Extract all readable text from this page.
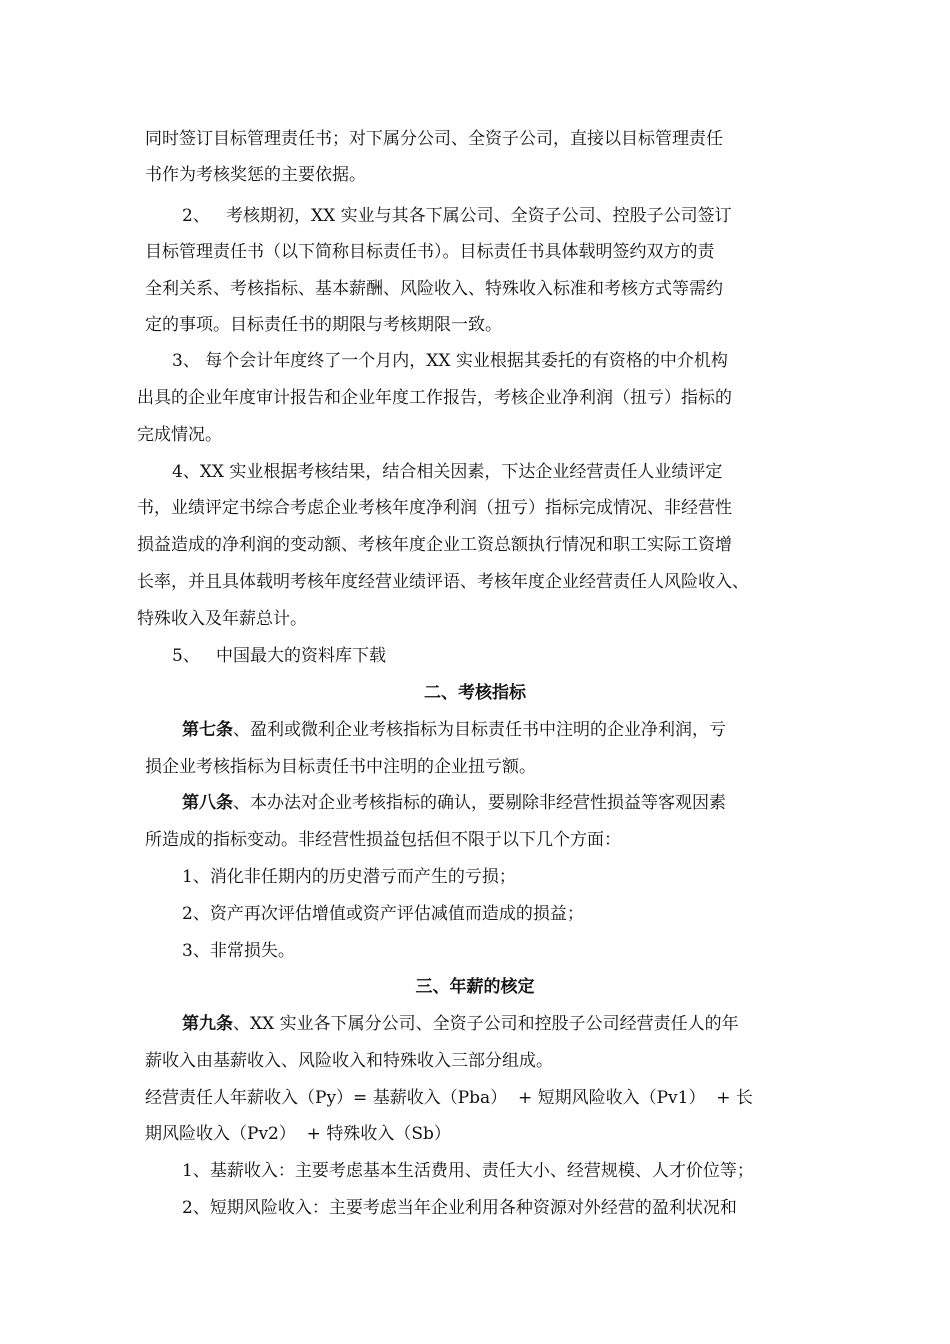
同时签订目标管理责任书；对下属分公司、全资子公司，直接以目标管理责任
书作为考核奖惩的主要依据。
2、   考核期初，XX 实业与其各下属公司、全资子公司、控股子公司签订
目标管理责任书（以下简称目标责任书）。目标责任书具体载明签约双方的责
全利关系、考核指标、基本薪酬、风险收入、特殊收入标准和考核方式等需约
定的事项。目标责任书的期限与考核期限一致。
3、 每个会计年度终了一个月内，XX 实业根据其委托的有资格的中介机构
出具的企业年度审计报告和企业年度工作报告，考核企业净利润（扭亏）指标的
完成情况。
4、XX 实业根据考核结果，结合相关因素，下达企业经营责任人业绩评定
书，业绩评定书综合考虑企业考核年度净利润（扭亏）指标完成情况、非经营性
损益造成的净利润的变动额、考核年度企业工资总额执行情况和职工实际工资增
长率，并且具体载明考核年度经营业绩评语、考核年度企业经营责任人风险收入、
特殊收入及年薪总计。
5、   中国最大的资料库下载
二、考核指标
第七条、盈利或微利企业考核指标为目标责任书中注明的企业净利润，亏
损企业考核指标为目标责任书中注明的企业扭亏额。
第八条、本办法对企业考核指标的确认，要剔除非经营性损益等客观因素
所造成的指标变动。非经营性损益包括但不限于以下几个方面：
1、消化非任期内的历史潜亏而产生的亏损；
2、资产再次评估增值或资产评估减值而造成的损益；
3、非常损失。
三、年薪的核定
第九条、XX 实业各下属分公司、全资子公司和控股子公司经营责任人的年
薪收入由基薪收入、风险收入和特殊收入三部分组成。
经营责任人年薪收入（Py）= 基薪收入（Pba）  + 短期风险收入（Pv1）  + 长
期风险收入（Pv2）  + 特殊收入（Sb）
1、基薪收入：主要考虑基本生活费用、责任大小、经营规模、人才价位等；
2、短期风险收入：主要考虑当年企业利用各种资源对外经营的盈利状况和
